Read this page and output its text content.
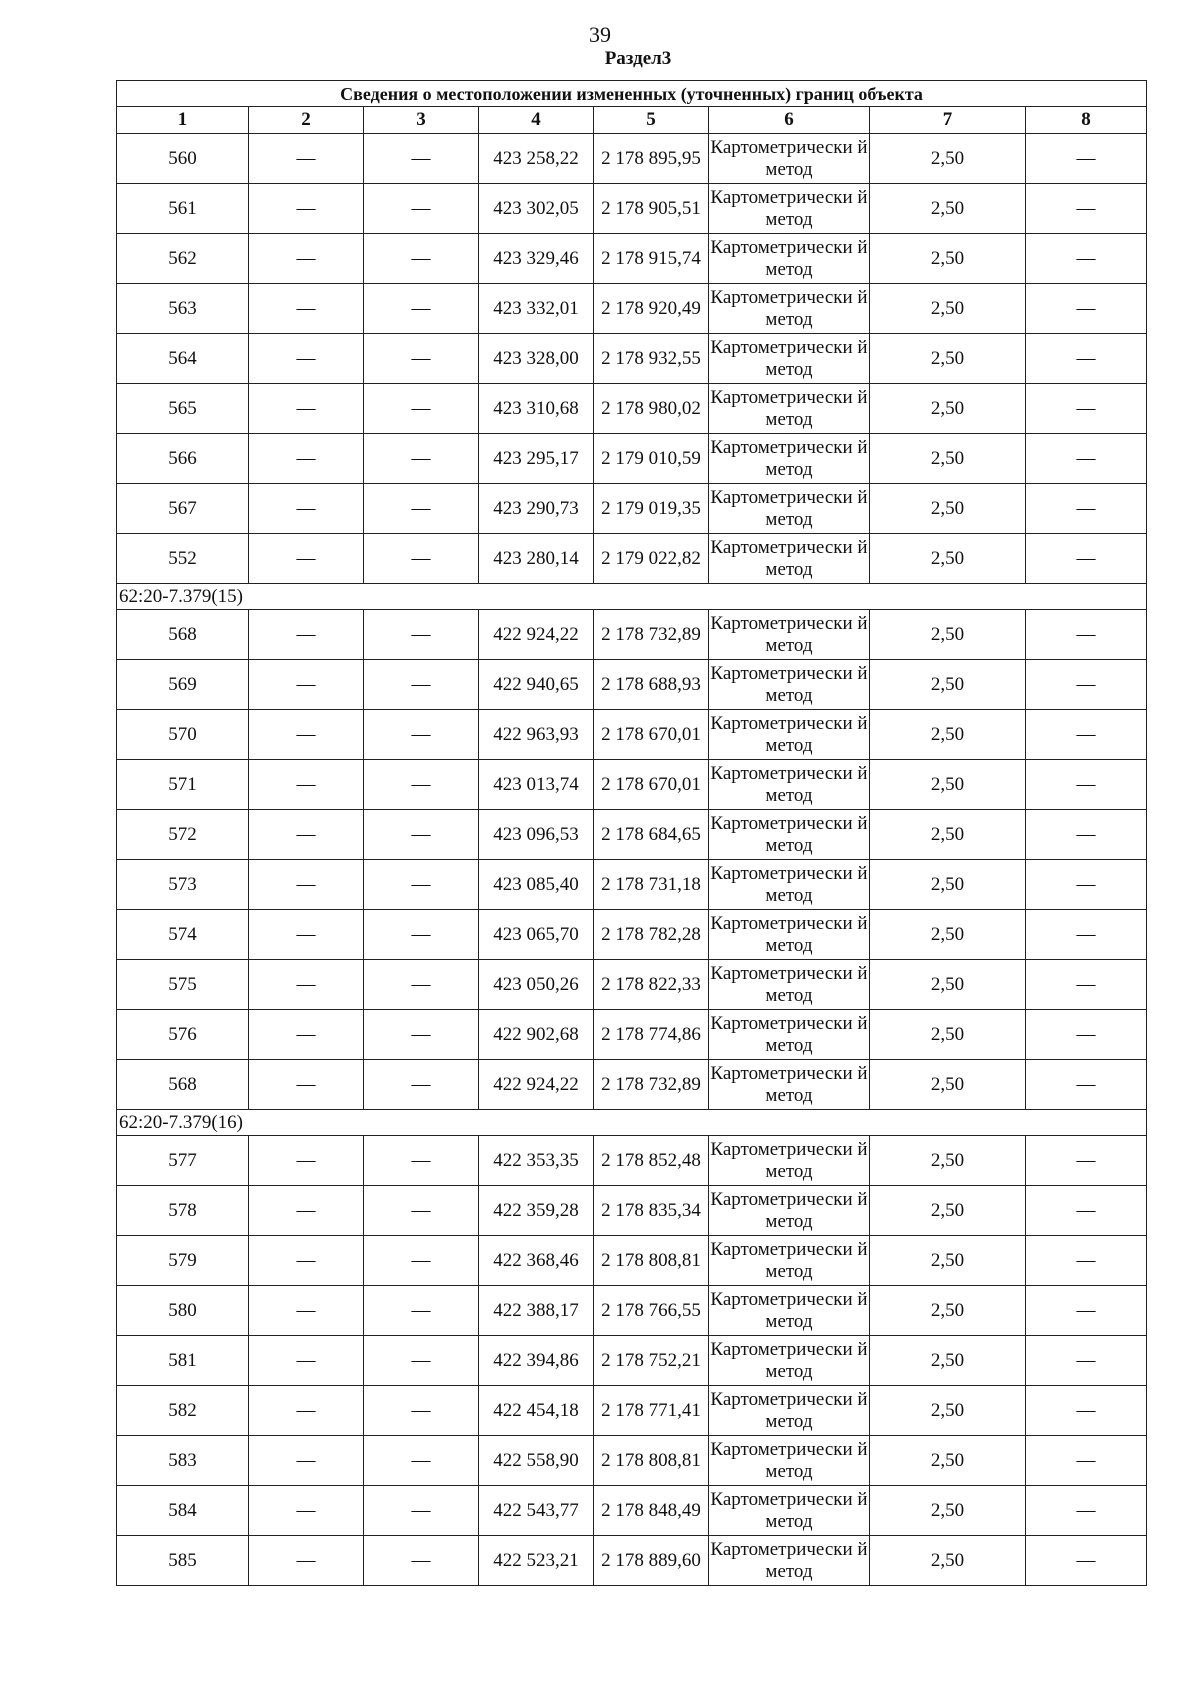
39
Раздел3
Сведения о местоположении измененных (уточненных) границ объекта							
1	2	3	4	5	6	7	8
560	—	—	423 258,22	2 178 895,95	Картометрически й метод	2,50	—
561	—	—	423 302,05	2 178 905,51	Картометрически й метод	2,50	—
562	—	—	423 329,46	2 178 915,74	Картометрически й метод	2,50	—
563	—	—	423 332,01	2 178 920,49	Картометрически й метод	2,50	—
564	—	—	423 328,00	2 178 932,55	Картометрически й метод	2,50	—
565	—	—	423 310,68	2 178 980,02	Картометрически й метод	2,50	—
566	—	—	423 295,17	2 179 010,59	Картометрически й метод	2,50	—
567	—	—	423 290,73	2 179 019,35	Картометрически й метод	2,50	—
552	—	—	423 280,14	2 179 022,82	Картометрически й метод	2,50	—
62:20-7.379(15)							
568	—	—	422 924,22	2 178 732,89	Картометрически й метод	2,50	—
569	—	—	422 940,65	2 178 688,93	Картометрически й метод	2,50	—
570	—	—	422 963,93	2 178 670,01	Картометрически й метод	2,50	—
571	—	—	423 013,74	2 178 670,01	Картометрически й метод	2,50	—
572	—	—	423 096,53	2 178 684,65	Картометрически й метод	2,50	—
573	—	—	423 085,40	2 178 731,18	Картометрически й метод	2,50	—
574	—	—	423 065,70	2 178 782,28	Картометрически й метод	2,50	—
575	—	—	423 050,26	2 178 822,33	Картометрически й метод	2,50	—
576	—	—	422 902,68	2 178 774,86	Картометрически й метод	2,50	—
568	—	—	422 924,22	2 178 732,89	Картометрически й метод	2,50	—
62:20-7.379(16)							
577	—	—	422 353,35	2 178 852,48	Картометрически й метод	2,50	—
578	—	—	422 359,28	2 178 835,34	Картометрически й метод	2,50	—
579	—	—	422 368,46	2 178 808,81	Картометрически й метод	2,50	—
580	—	—	422 388,17	2 178 766,55	Картометрически й метод	2,50	—
581	—	—	422 394,86	2 178 752,21	Картометрически й метод	2,50	—
582	—	—	422 454,18	2 178 771,41	Картометрически й метод	2,50	—
583	—	—	422 558,90	2 178 808,81	Картометрически й метод	2,50	—
584	—	—	422 543,77	2 178 848,49	Картометрически й метод	2,50	—
585	—	—	422 523,21	2 178 889,60	Картометрически й метод	2,50	—
